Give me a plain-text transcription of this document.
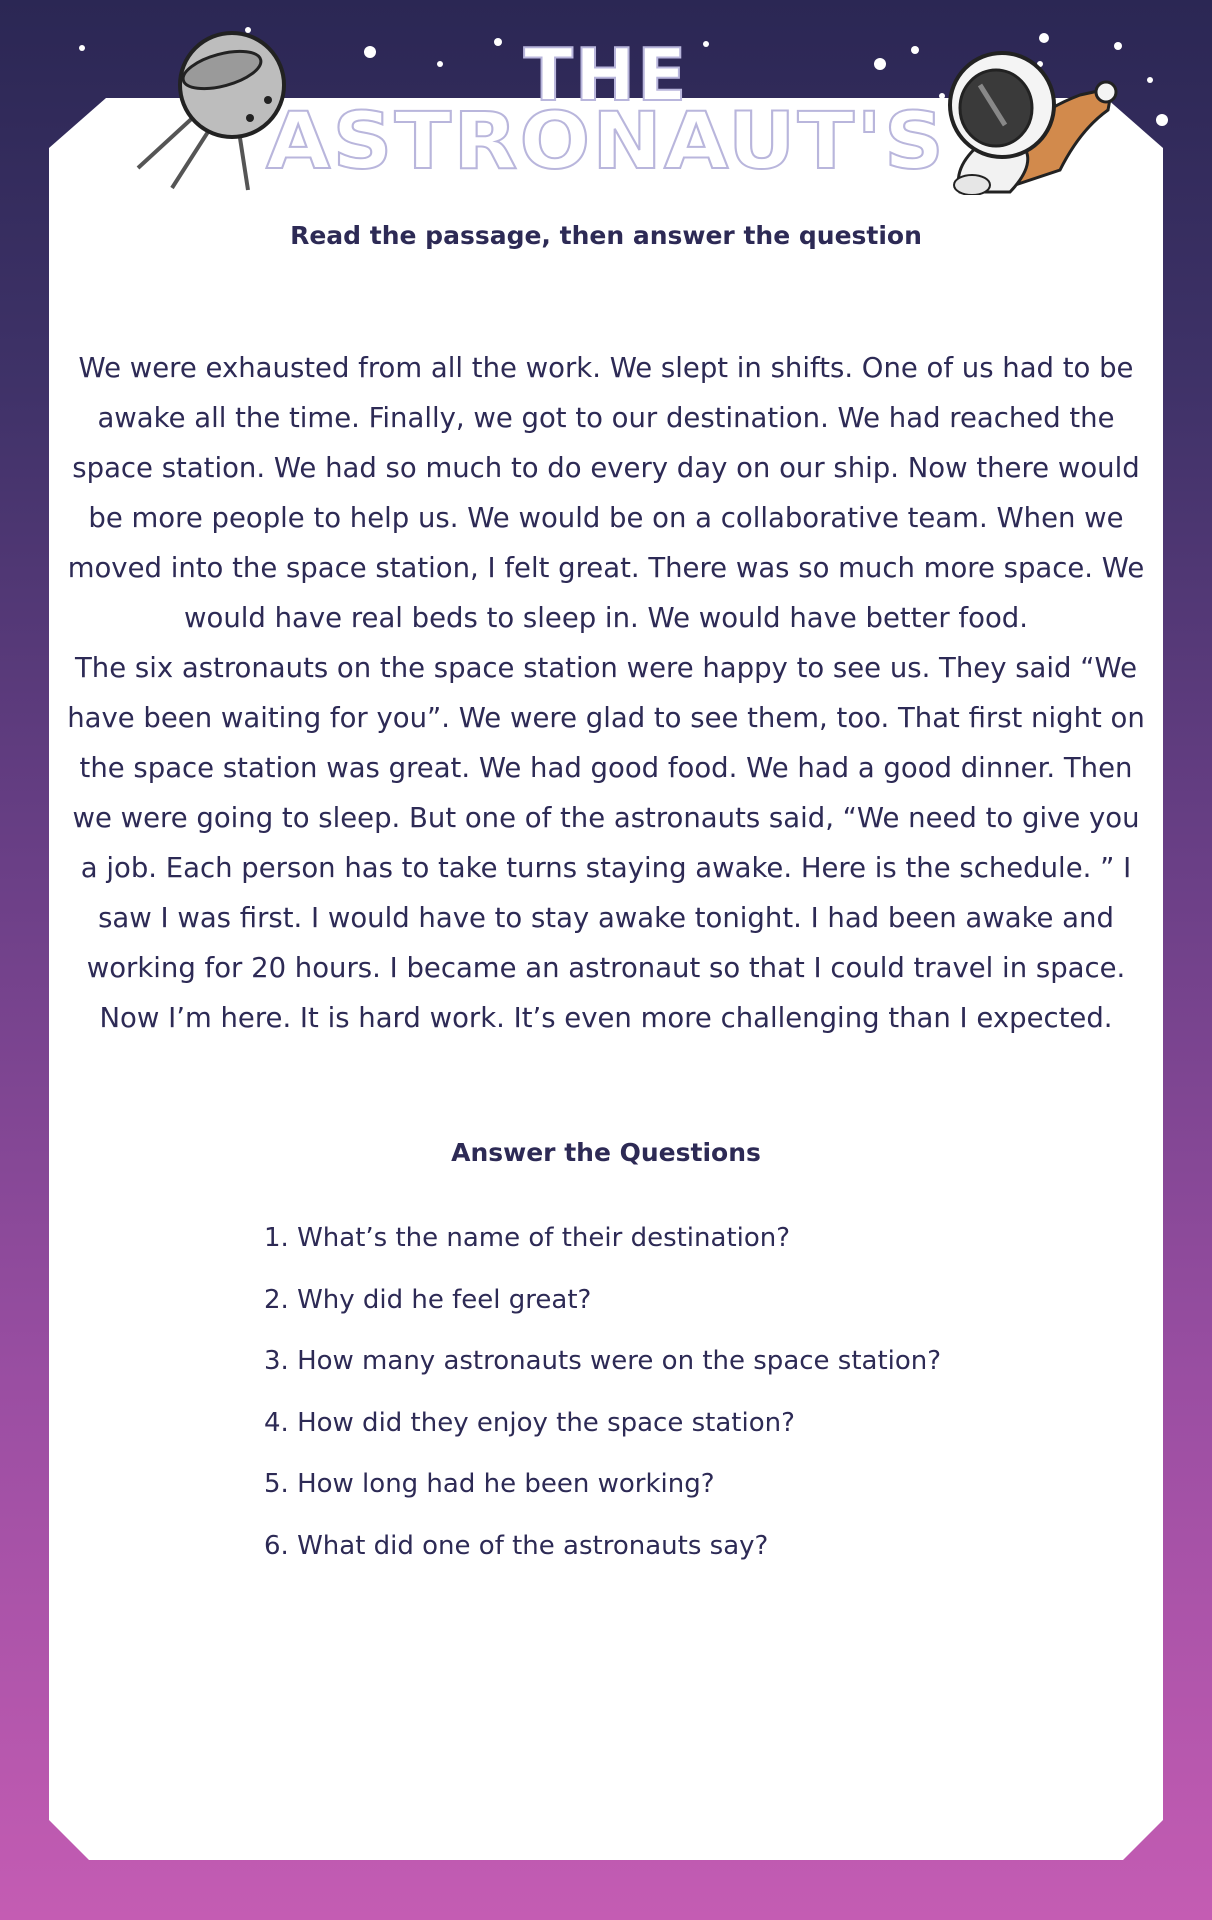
THE
ASTRONAUT'S
Read the passage, then answer the question

We were exhausted from all the work. We slept in shifts. One of us had to be awake all the time. Finally, we got to our destination. We had reached the space station. We had so much to do every day on our ship. Now there would be more people to help us. We would be on a collaborative team. When we moved into the space station, I felt great. There was so much more space. We would have real beds to sleep in. We would have better food.

The six astronauts on the space station were happy to see us. They said “We have been waiting for you”. We were glad to see them, too. That first night on the space station was great. We had good food. We had a good dinner. Then we were going to sleep. But one of the astronauts said, “We need to give you a job. Each person has to take turns staying awake. Here is the schedule. ” I saw I was first. I would have to stay awake tonight. I had been awake and working for 20 hours. I became an astronaut so that I could travel in space. Now I’m here. It is hard work. It’s even more challenging than I expected.

Answer the Questions
1. What’s the name of their destination?
2. Why did he feel great?
3. How many astronauts were on the space station?
4. How did they enjoy the space station?
5. How long had he been working?
6. What did one of the astronauts say?
